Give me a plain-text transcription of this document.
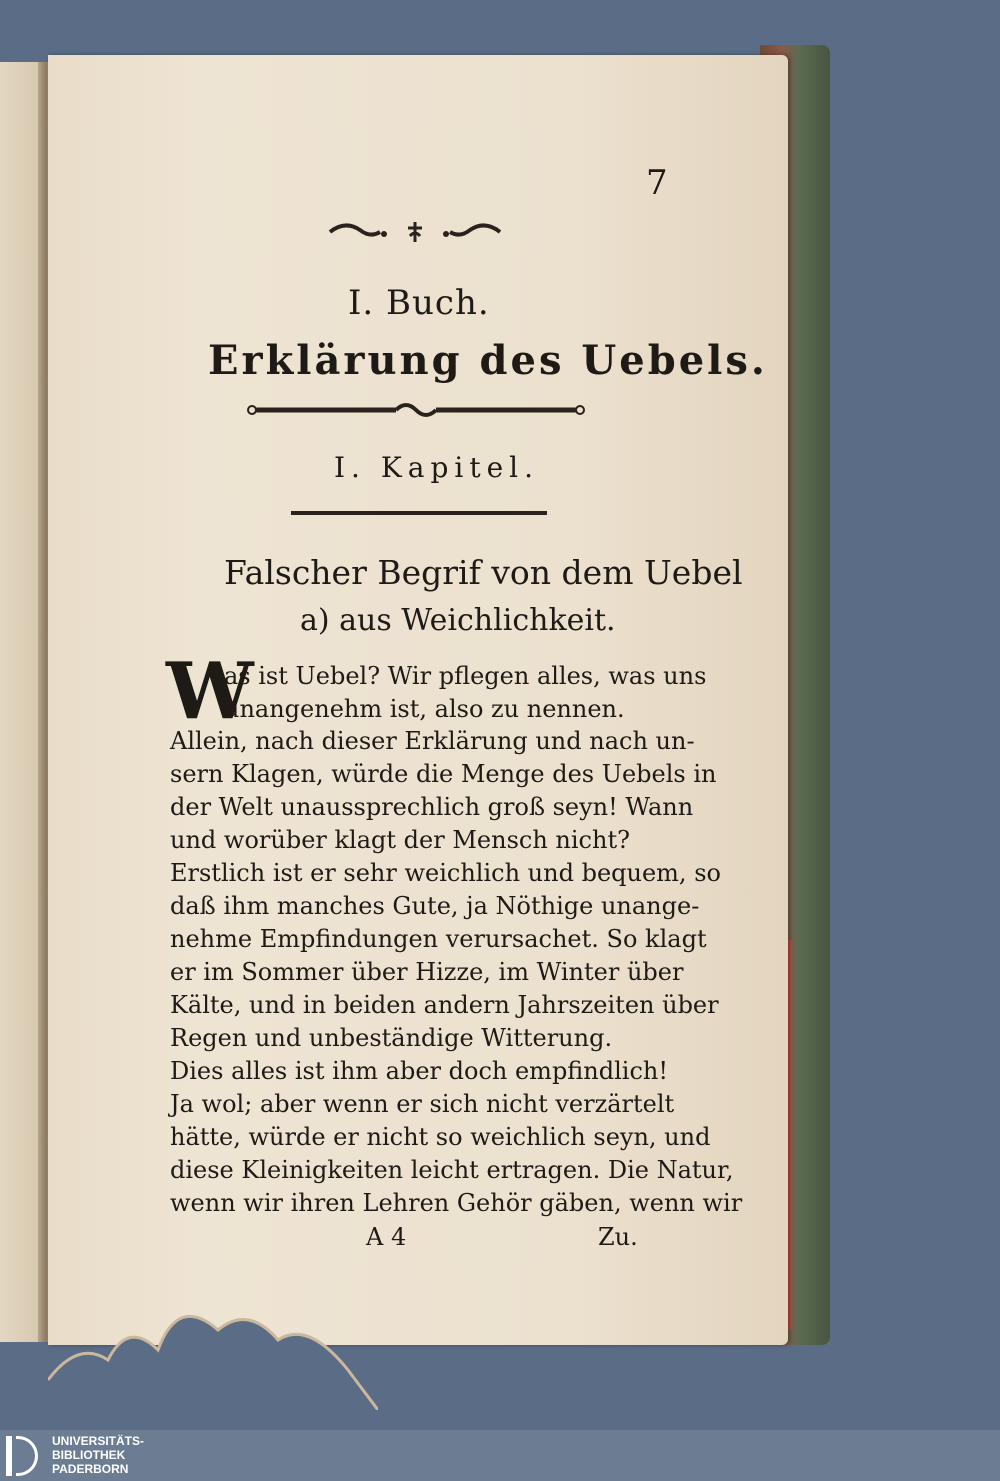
7
I. Buch.
Erklärung des Uebels.
I. Kapitel.
Falscher Begrif von dem Uebel
a) aus Weichlichkeit.
W
as ist Uebel? Wir pflegen alles, was uns
unangenehm ist, also zu nennen.
Allein, nach dieser Erklärung und nach un-
sern Klagen, würde die Menge des Uebels in
der Welt unaussprechlich groß seyn! Wann
und worüber klagt der Mensch nicht?
Erstlich ist er sehr weichlich und bequem, so
daß ihm manches Gute, ja Nöthige unange-
nehme Empfindungen verursachet. So klagt
er im Sommer über Hizze, im Winter über
Kälte, und in beiden andern Jahrszeiten über
Regen und unbeständige Witterung.
Dies alles ist ihm aber doch empfindlich!
Ja wol; aber wenn er sich nicht verzärtelt
hätte, würde er nicht so weichlich seyn, und
diese Kleinigkeiten leicht ertragen. Die Natur,
wenn wir ihren Lehren Gehör gäben, wenn wir
A 4	Zu.
UNIVERSITÄTS-
BIBLIOTHEK
PADERBORN
